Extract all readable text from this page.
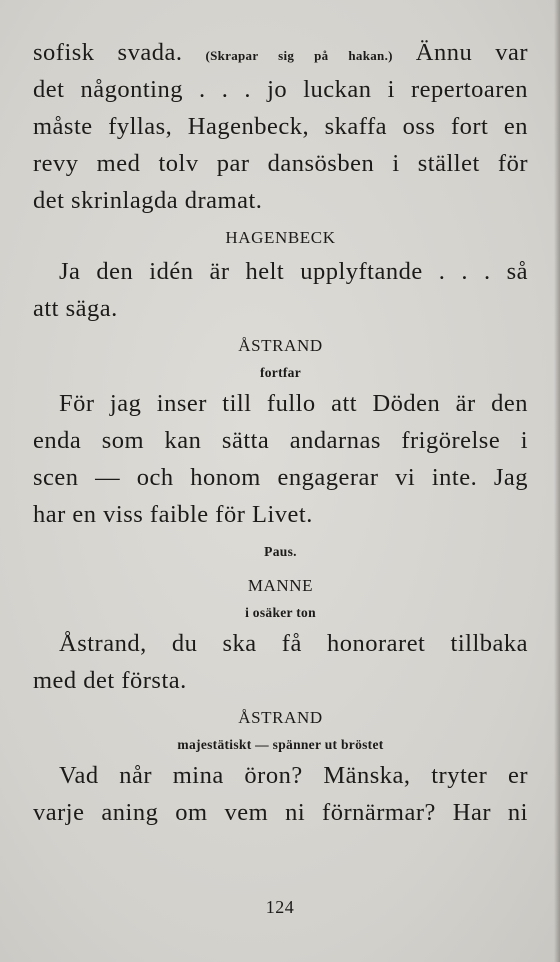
sofisk svada. (Skrapar sig på hakan.) Ännu var
det någonting . . . jo luckan i repertoaren
måste fyllas, Hagenbeck, skaffa oss fort en
revy med tolv par dansösben i stället för
det skrinlagda dramat.
HAGENBECK
Ja den idén är helt upplyftande . . . så
att säga.
ÅSTRAND
fortfar
För jag inser till fullo att Döden är den
enda som kan sätta andarnas frigörelse i
scen — och honom engagerar vi inte. Jag
har en viss faible för Livet.
Paus.
MANNE
i osäker ton
Åstrand, du ska få honoraret tillbaka
med det första.
ÅSTRAND
majestätiskt — spänner ut bröstet
Vad når mina öron? Mänska, tryter er
varje aning om vem ni förnärmar? Har ni
124
